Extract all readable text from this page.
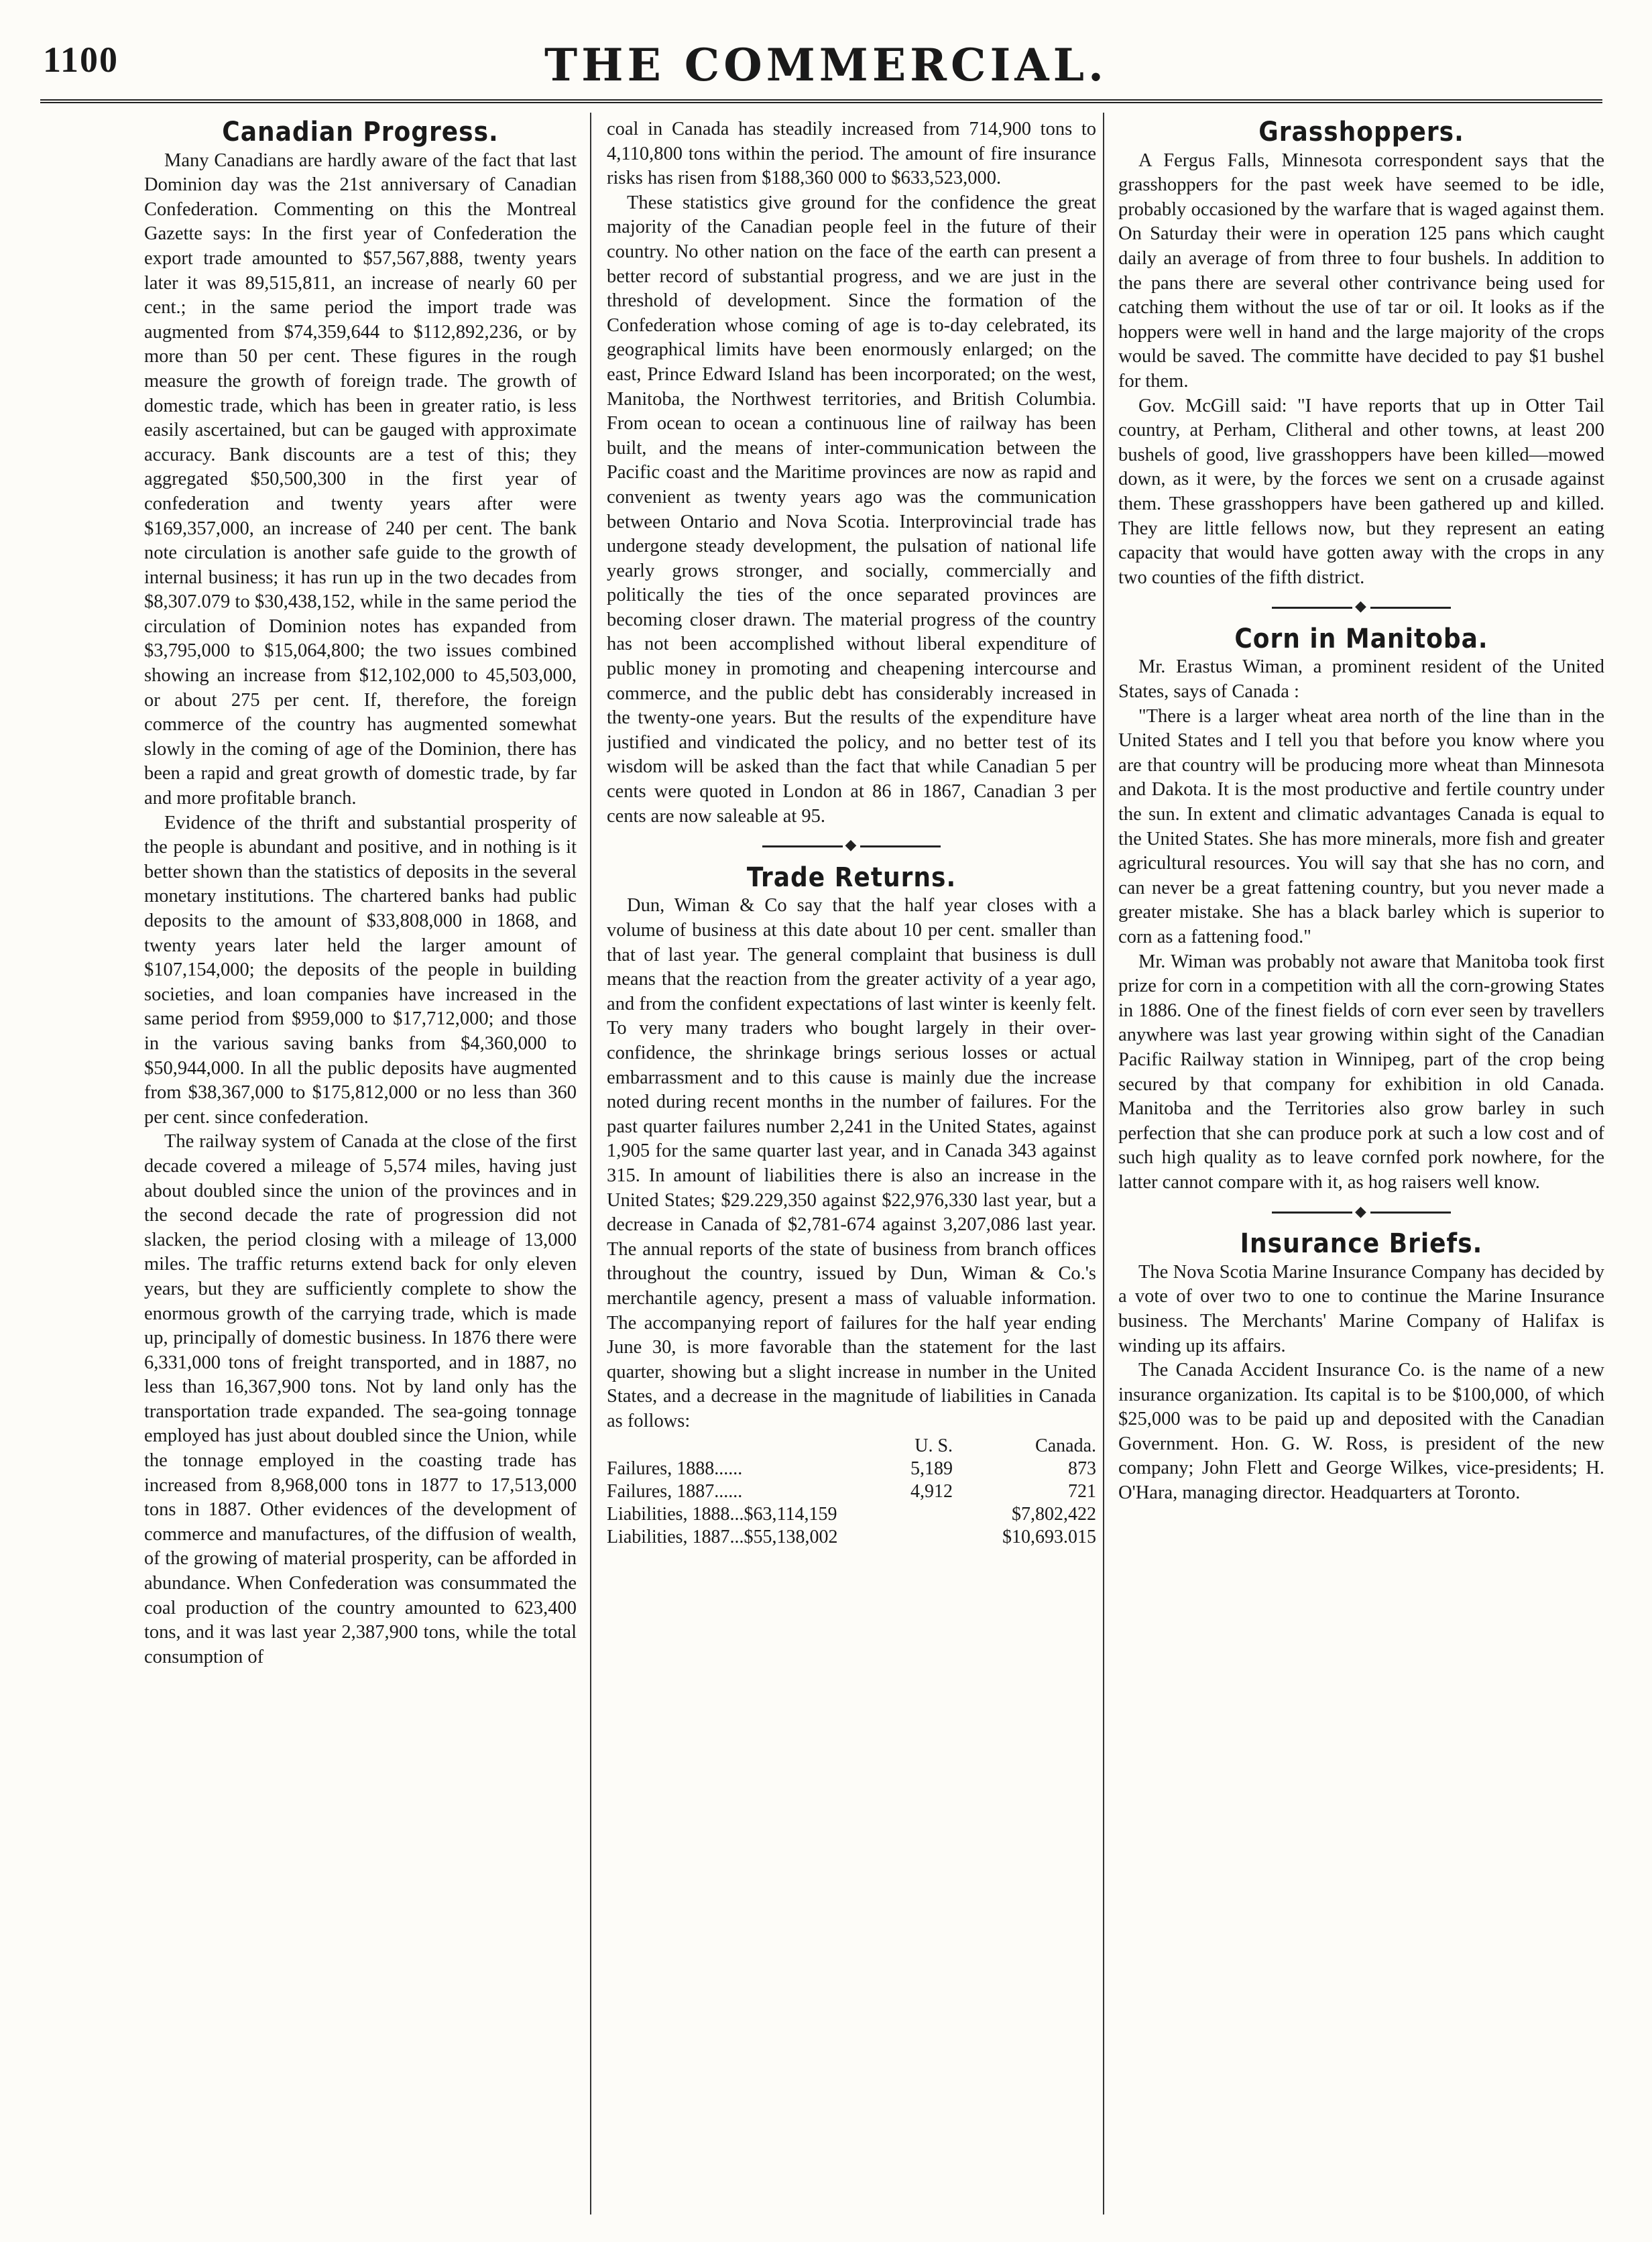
1100	THE COMMERCIAL.
Canadian Progress.

Many Canadians are hardly aware of the fact that last Dominion day was the 21st anniversary of Canadian Confederation. Commenting on this the Montreal Gazette says: In the first year of Confederation the export trade amounted to $57,567,888, twenty years later it was 89,515,811, an increase of nearly 60 per cent.; in the same period the import trade was augmented from $74,359,644 to $112,892,236, or by more than 50 per cent. These figures in the rough measure the growth of foreign trade. The growth of domestic trade, which has been in greater ratio, is less easily ascertained, but can be gauged with approximate accuracy. Bank discounts are a test of this; they aggregated $50,500,300 in the first year of confederation and twenty years after were $169,357,000, an increase of 240 per cent. The bank note circulation is another safe guide to the growth of internal business; it has run up in the two decades from $8,307.079 to $30,438,152, while in the same period the circulation of Dominion notes has expanded from $3,795,000 to $15,064,800; the two issues combined showing an increase from $12,102,000 to 45,503,000, or about 275 per cent. If, therefore, the foreign commerce of the country has augmented somewhat slowly in the coming of age of the Dominion, there has been a rapid and great growth of domestic trade, by far and more profitable branch.

Evidence of the thrift and substantial prosperity of the people is abundant and positive, and in nothing is it better shown than the statistics of deposits in the several monetary institutions. The chartered banks had public deposits to the amount of $33,808,000 in 1868, and twenty years later held the larger amount of $107,154,000; the deposits of the people in building societies, and loan companies have increased in the same period from $959,000 to $17,712,000; and those in the various saving banks from $4,360,000 to $50,944,000. In all the public deposits have augmented from $38,367,000 to $175,812,000 or no less than 360 per cent. since confederation.

The railway system of Canada at the close of the first decade covered a mileage of 5,574 miles, having just about doubled since the union of the provinces and in the second decade the rate of progression did not slacken, the period closing with a mileage of 13,000 miles. The traffic returns extend back for only eleven years, but they are sufficiently complete to show the enormous growth of the carrying trade, which is made up, principally of domestic business. In 1876 there were 6,331,000 tons of freight transported, and in 1887, no less than 16,367,900 tons. Not by land only has the transportation trade expanded. The sea-going tonnage employed has just about doubled since the Union, while the tonnage employed in the coasting trade has increased from 8,968,000 tons in 1877 to 17,513,000 tons in 1887. Other evidences of the development of commerce and manufactures, of the diffusion of wealth, of the growing of material prosperity, can be afforded in abundance. When Confederation was consummated the coal production of the country amounted to 623,400 tons, and it was last year 2,387,900 tons, while the total consumption of

coal in Canada has steadily increased from 714,900 tons to 4,110,800 tons within the period. The amount of fire insurance risks has risen from $188,360 000 to $633,523,000.

These statistics give ground for the confidence the great majority of the Canadian people feel in the future of their country. No other nation on the face of the earth can present a better record of substantial progress, and we are just in the threshold of development. Since the formation of the Confederation whose coming of age is to-day celebrated, its geographical limits have been enormously enlarged; on the east, Prince Edward Island has been incorporated; on the west, Manitoba, the Northwest territories, and British Columbia. From ocean to ocean a continuous line of railway has been built, and the means of inter-communication between the Pacific coast and the Maritime provinces are now as rapid and convenient as twenty years ago was the communication between Ontario and Nova Scotia. Interprovincial trade has undergone steady development, the pulsation of national life yearly grows stronger, and socially, commercially and politically the ties of the once separated provinces are becoming closer drawn. The material progress of the country has not been accomplished without liberal expenditure of public money in promoting and cheapening intercourse and commerce, and the public debt has considerably increased in the twenty-one years. But the results of the expenditure have justified and vindicated the policy, and no better test of its wisdom will be asked than the fact that while Canadian 5 per cents were quoted in London at 86 in 1867, Canadian 3 per cents are now saleable at 95.

◆
Trade Returns.

Dun, Wiman & Co say that the half year closes with a volume of business at this date about 10 per cent. smaller than that of last year. The general complaint that business is dull means that the reaction from the greater activity of a year ago, and from the confident expectations of last winter is keenly felt. To very many traders who bought largely in their over-confidence, the shrinkage brings serious losses or actual embarrassment and to this cause is mainly due the increase noted during recent months in the number of failures. For the past quarter failures number 2,241 in the United States, against 1,905 for the same quarter last year, and in Canada 343 against 315. In amount of liabilities there is also an increase in the United States; $29.229,350 against $22,976,330 last year, but a decrease in Canada of $2,781-674 against 3,207,086 last year. The annual reports of the state of business from branch offices throughout the country, issued by Dun, Wiman & Co.'s merchantile agency, present a mass of valuable information. The accompanying report of failures for the half year ending June 30, is more favorable than the statement for the last quarter, showing but a slight increase in number in the United States, and a decrease in the magnitude of liabilities in Canada as follows:

	U. S.	Canada.
Failures, 1888......	5,189	873
Failures, 1887......	4,912	721
Liabilities, 1888...$63,114,159		$7,802,422
Liabilities, 1887...$55,138,002		$10,693.015
Grasshoppers.

A Fergus Falls, Minnesota correspondent says that the grasshoppers for the past week have seemed to be idle, probably occasioned by the warfare that is waged against them. On Saturday their were in operation 125 pans which caught daily an average of from three to four bushels. In addition to the pans there are several other contrivance being used for catching them without the use of tar or oil. It looks as if the hoppers were well in hand and the large majority of the crops would be saved. The committe have decided to pay $1 bushel for them.

Gov. McGill said: "I have reports that up in Otter Tail country, at Perham, Clitheral and other towns, at least 200 bushels of good, live grasshoppers have been killed—mowed down, as it were, by the forces we sent on a crusade against them. These grasshoppers have been gathered up and killed. They are little fellows now, but they represent an eating capacity that would have gotten away with the crops in any two counties of the fifth district.

◆
Corn in Manitoba.

Mr. Erastus Wiman, a prominent resident of the United States, says of Canada :

"There is a larger wheat area north of the line than in the United States and I tell you that before you know where you are that country will be producing more wheat than Minnesota and Dakota. It is the most productive and fertile country under the sun. In extent and climatic advantages Canada is equal to the United States. She has more minerals, more fish and greater agricultural resources. You will say that she has no corn, and can never be a great fattening country, but you never made a greater mistake. She has a black barley which is superior to corn as a fattening food."

Mr. Wiman was probably not aware that Manitoba took first prize for corn in a competition with all the corn-growing States in 1886. One of the finest fields of corn ever seen by travellers anywhere was last year growing within sight of the Canadian Pacific Railway station in Winnipeg, part of the crop being secured by that company for exhibition in old Canada. Manitoba and the Territories also grow barley in such perfection that she can produce pork at such a low cost and of such high quality as to leave cornfed pork nowhere, for the latter cannot compare with it, as hog raisers well know.

◆
Insurance Briefs.

The Nova Scotia Marine Insurance Company has decided by a vote of over two to one to continue the Marine Insurance business. The Merchants' Marine Company of Halifax is winding up its affairs.

The Canada Accident Insurance Co. is the name of a new insurance organization. Its capital is to be $100,000, of which $25,000 was to be paid up and deposited with the Canadian Government. Hon. G. W. Ross, is president of the new company; John Flett and George Wilkes, vice-presidents; H. O'Hara, managing director. Headquarters at Toronto.
